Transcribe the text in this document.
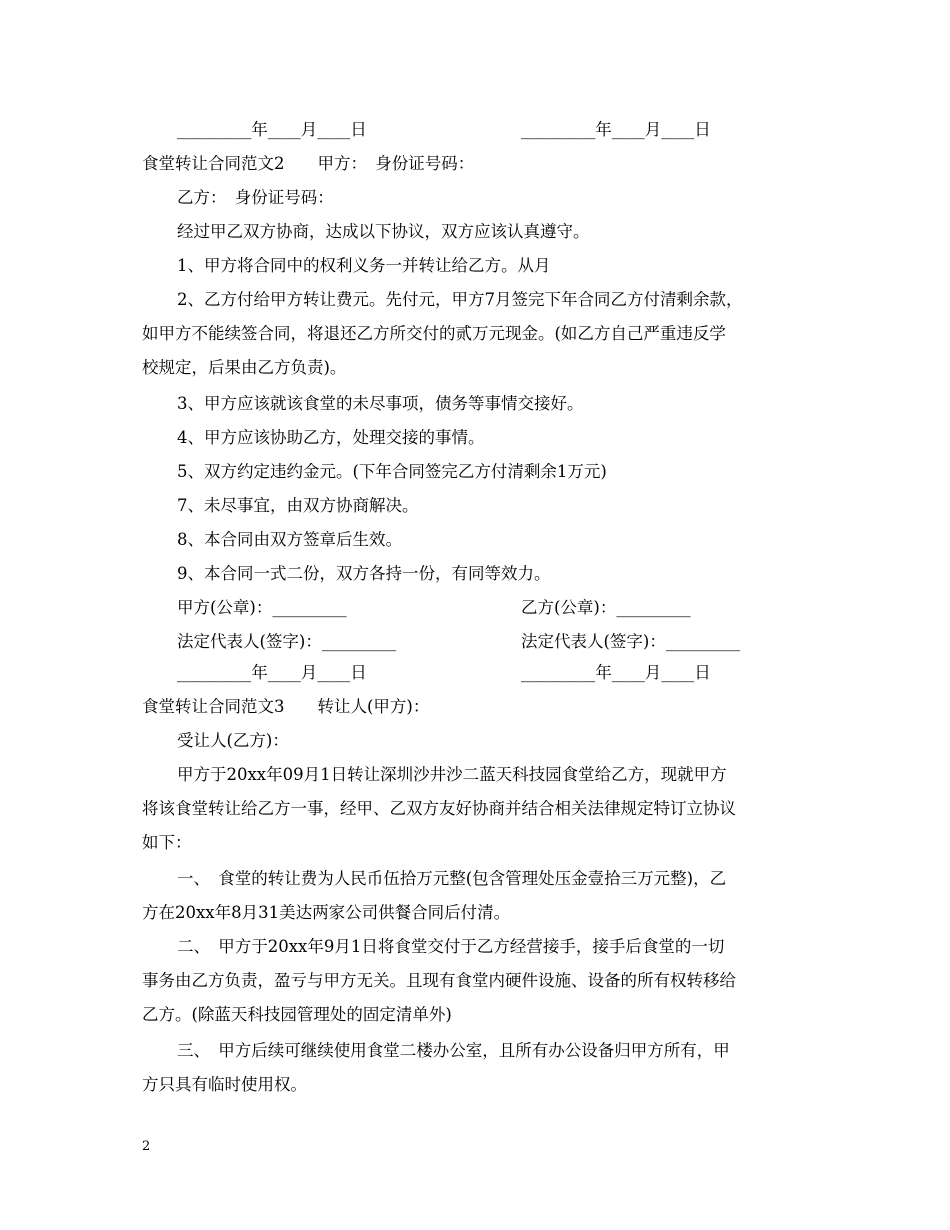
_________年____月____日	_________年____月____日
食堂转让合同范文2　　甲方：　身份证号码：
乙方：　身份证号码：
经过甲乙双方协商，达成以下协议，双方应该认真遵守。
1、甲方将合同中的权利义务一并转让给乙方。从月
2、乙方付给甲方转让费元。先付元，甲方7月签完下年合同乙方付清剩余款，
如甲方不能续签合同，将退还乙方所交付的贰万元现金。(如乙方自己严重违反学
校规定，后果由乙方负责)。
3、甲方应该就该食堂的未尽事项，债务等事情交接好。
4、甲方应该协助乙方，处理交接的事情。
5、双方约定违约金元。(下年合同签完乙方付清剩余1万元)
7、未尽事宜，由双方协商解决。
8、本合同由双方签章后生效。
9、本合同一式二份，双方各持一份，有同等效力。
甲方(公章)：_________	乙方(公章)：_________
法定代表人(签字)：_________	法定代表人(签字)：_________
_________年____月____日	_________年____月____日
食堂转让合同范文3　　转让人(甲方)：
受让人(乙方)：
甲方于20xx年09月1日转让深圳沙井沙二蓝天科技园食堂给乙方，现就甲方
将该食堂转让给乙方一事，经甲、乙双方友好协商并结合相关法律规定特订立协议
如下：
一、　食堂的转让费为人民币伍拾万元整(包含管理处压金壹拾三万元整)，乙
方在20xx年8月31美达两家公司供餐合同后付清。
二、　甲方于20xx年9月1日将食堂交付于乙方经营接手，接手后食堂的一切
事务由乙方负责，盈亏与甲方无关。且现有食堂内硬件设施、设备的所有权转移给
乙方。(除蓝天科技园管理处的固定清单外)
三、　甲方后续可继续使用食堂二楼办公室，且所有办公设备归甲方所有，甲
方只具有临时使用权。
2
